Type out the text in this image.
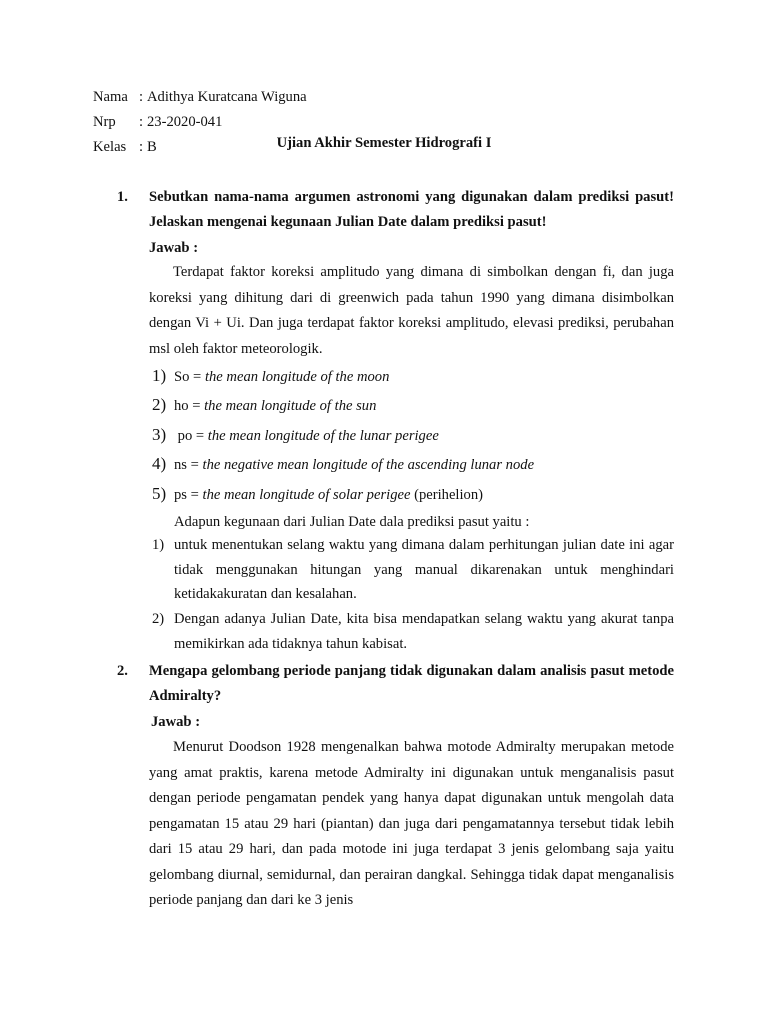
Nama : Adithya Kuratcana Wiguna
Nrp : 23-2020-041
Kelas : B	Ujian Akhir Semester Hidrografi I
1. Sebutkan nama-nama argumen astronomi yang digunakan dalam prediksi pasut! Jelaskan mengenai kegunaan Julian Date dalam prediksi pasut!
Jawab :
Terdapat faktor koreksi amplitudo yang dimana di simbolkan dengan fi, dan juga koreksi yang dihitung dari di greenwich pada tahun 1990 yang dimana disimbolkan dengan Vi + Ui. Dan juga terdapat faktor koreksi amplitudo, elevasi prediksi, perubahan msl oleh faktor meteorologik.
1) So = the mean longitude of the moon
2) ho = the mean longitude of the sun
3) po = the mean longitude of the lunar perigee
4) ns = the negative mean longitude of the ascending lunar node
5) ps = the mean longitude of solar perigee (perihelion)
Adapun kegunaan dari Julian Date dala prediksi pasut yaitu :
1) untuk menentukan selang waktu yang dimana dalam perhitungan julian date ini agar tidak menggunakan hitungan yang manual dikarenakan untuk menghindari ketidakakuratan dan kesalahan.
2) Dengan adanya Julian Date, kita bisa mendapatkan selang waktu yang akurat tanpa memikirkan ada tidaknya tahun kabisat.
2. Mengapa gelombang periode panjang tidak digunakan dalam analisis pasut metode Admiralty?
Jawab :
Menurut Doodson 1928 mengenalkan bahwa motode Admiralty merupakan metode yang amat praktis, karena metode Admiralty ini digunakan untuk menganalisis pasut dengan periode pengamatan pendek yang hanya dapat digunakan untuk mengolah data pengamatan 15 atau 29 hari (piantan) dan juga dari pengamatannya tersebut tidak lebih dari 15 atau 29 hari, dan pada motode ini juga terdapat 3 jenis gelombang saja yaitu gelombang diurnal, semidurnal, dan perairan dangkal. Sehingga tidak dapat menganalisis periode panjang dan dari ke 3 jenis
